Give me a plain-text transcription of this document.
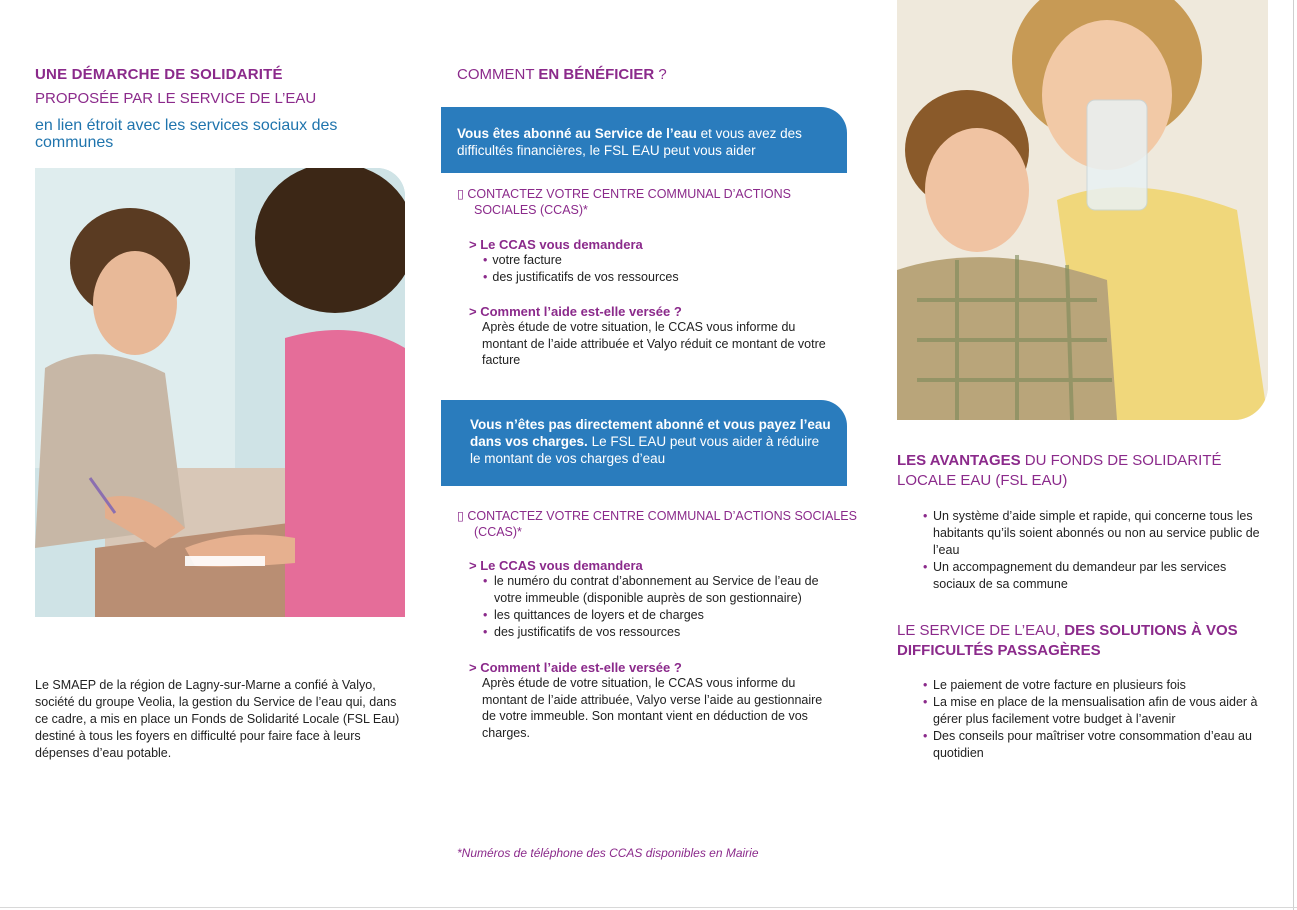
UNE DÉMARCHE DE SOLIDARITÉ
PROPOSÉE PAR LE SERVICE DE L’EAU
en lien étroit avec les services sociaux des communes
Le SMAEP de la région de Lagny-sur-Marne a confié à Valyo, société du groupe Veolia, la gestion du Service de l’eau qui, dans ce cadre, a mis en place un Fonds de Solidarité Locale (FSL Eau) destiné à tous les foyers en difficulté pour faire face à leurs dépenses d’eau potable.
COMMENT EN BÉNÉFICIER ?
Vous êtes abonné au Service de l’eau et vous avez des difficultés financières, le FSL EAU peut vous aider
▯ CONTACTEZ VOTRE CENTRE COMMUNAL D’ACTIONS
SOCIALES (CCAS)*
> Le CCAS vous demandera
• votre facture
• des justificatifs de vos ressources
> Comment l’aide est-elle versée ?
Après étude de votre situation, le CCAS vous informe du montant de l’aide attribuée et Valyo réduit ce montant de votre facture
Vous n’êtes pas directement abonné et vous payez l’eau dans vos charges. Le FSL EAU peut vous aider à réduire le montant de vos charges d’eau
▯ CONTACTEZ VOTRE CENTRE COMMUNAL D’ACTIONS SOCIALES
(CCAS)*
> Le CCAS vous demandera
• le numéro du contrat d’abonnement au Service de l’eau de votre immeuble (disponible auprès de son gestionnaire)
• les quittances de loyers et de charges
• des justificatifs de vos ressources
> Comment l’aide est-elle versée ?
Après étude de votre situation, le CCAS vous informe du montant de l’aide attribuée, Valyo verse l’aide au gestionnaire de votre immeuble. Son montant vient en déduction de vos charges.
*Numéros de téléphone des CCAS disponibles en Mairie
LES AVANTAGES DU FONDS DE SOLIDARITÉ LOCALE EAU (FSL EAU)
• Un système d’aide simple et rapide, qui concerne tous les habitants qu’ils soient abonnés ou non au service public de l’eau
• Un accompagnement du demandeur par les services sociaux de sa commune
LE SERVICE DE L’EAU, DES SOLUTIONS À VOS DIFFICULTÉS PASSAGÈRES
• Le paiement de votre facture en plusieurs fois
• La mise en place de la mensualisation afin de vous aider à gérer plus facilement votre budget à l’avenir
• Des conseils pour maîtriser votre consommation d’eau au quotidien
